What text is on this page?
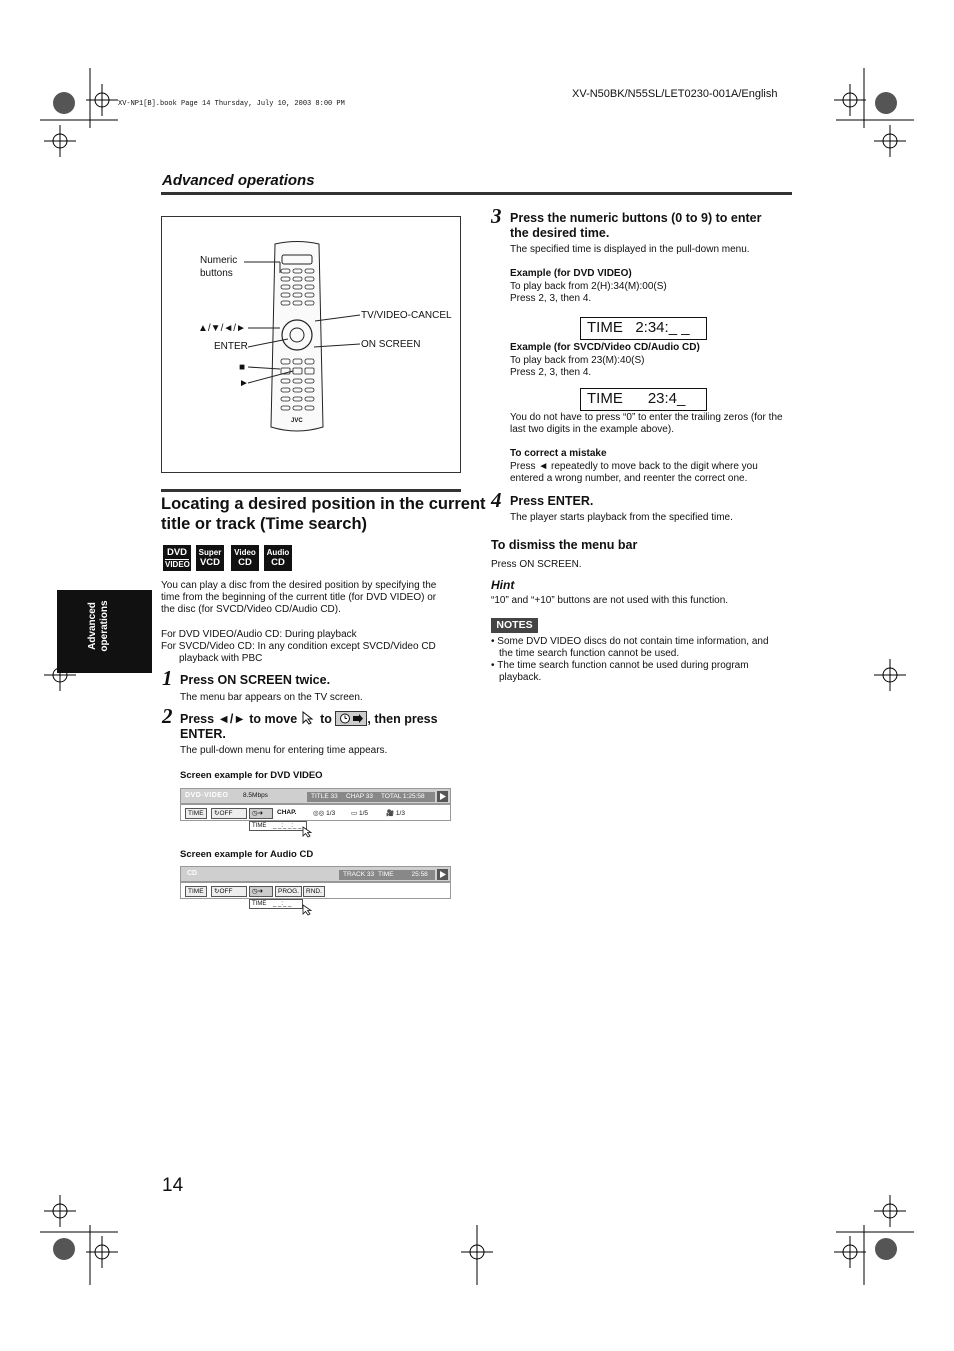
XV-NP1[B].book Page 14 Thursday, July 10, 2003 8:00 PM
XV-N50BK/N55SL/LET0230-001A/English
Advanced operations
Advanced operations
Numeric buttons
▲/▼/◄/►
ENTER
■
►
TV/VIDEO-CANCEL
ON SCREEN
JVC
Locating a desired position in the current
title or track (Time search)
DVD
VIDEO
Super
VCD
Video
CD
Audio
CD
You can play a disc from the desired position by specifying the
time from the beginning of the current title (for DVD VIDEO) or
the disc (for SVCD/Video CD/Audio CD).
For DVD VIDEO/Audio CD: During playback
For SVCD/Video CD: In any condition except SVCD/Video CD
playback with PBC
1 Press ON SCREEN twice.
The menu bar appears on the TV screen.
2 Press ◄/► to move to	, then press
ENTER.
The pull-down menu for entering time appears.
Screen example for DVD VIDEO
DVD-VIDEO 8.5Mbps	TITLE 33	CHAP 33	TOTAL 1:25:58
TIME	↻OFF	◷➜	CHAP.	◎◎ 1/3 ▭ 1/5	🎥 1/3
TIME    _ _:_ _:_ _
Screen example for Audio CD
CD	TRACK 33 TIME	25:58
TIME	↻OFF	◷➜	PROG.	RND.
TIME    _ _:_ _
3 Press the numeric buttons (0 to 9) to enter
the desired time.
The specified time is displayed in the pull-down menu.
Example (for DVD VIDEO)
To play back from 2(H):34(M):00(S)
Press 2, 3, then 4.
TIME   2:34:_ _
Example (for SVCD/Video CD/Audio CD)
To play back from 23(M):40(S)
Press 2, 3, then 4.
TIME      23:4_
You do not have to press “0” to enter the trailing zeros (for the
last two digits in the example above).
To correct a mistake
Press ◄ repeatedly to move back to the digit where you
entered a wrong number, and reenter the correct one.
4 Press ENTER.
The player starts playback from the specified time.
To dismiss the menu bar
Press ON SCREEN.
Hint
“10” and “+10” buttons are not used with this function.
NOTES
• Some DVD VIDEO discs do not contain time information, and
the time search function cannot be used.
• The time search function cannot be used during program
playback.
14
